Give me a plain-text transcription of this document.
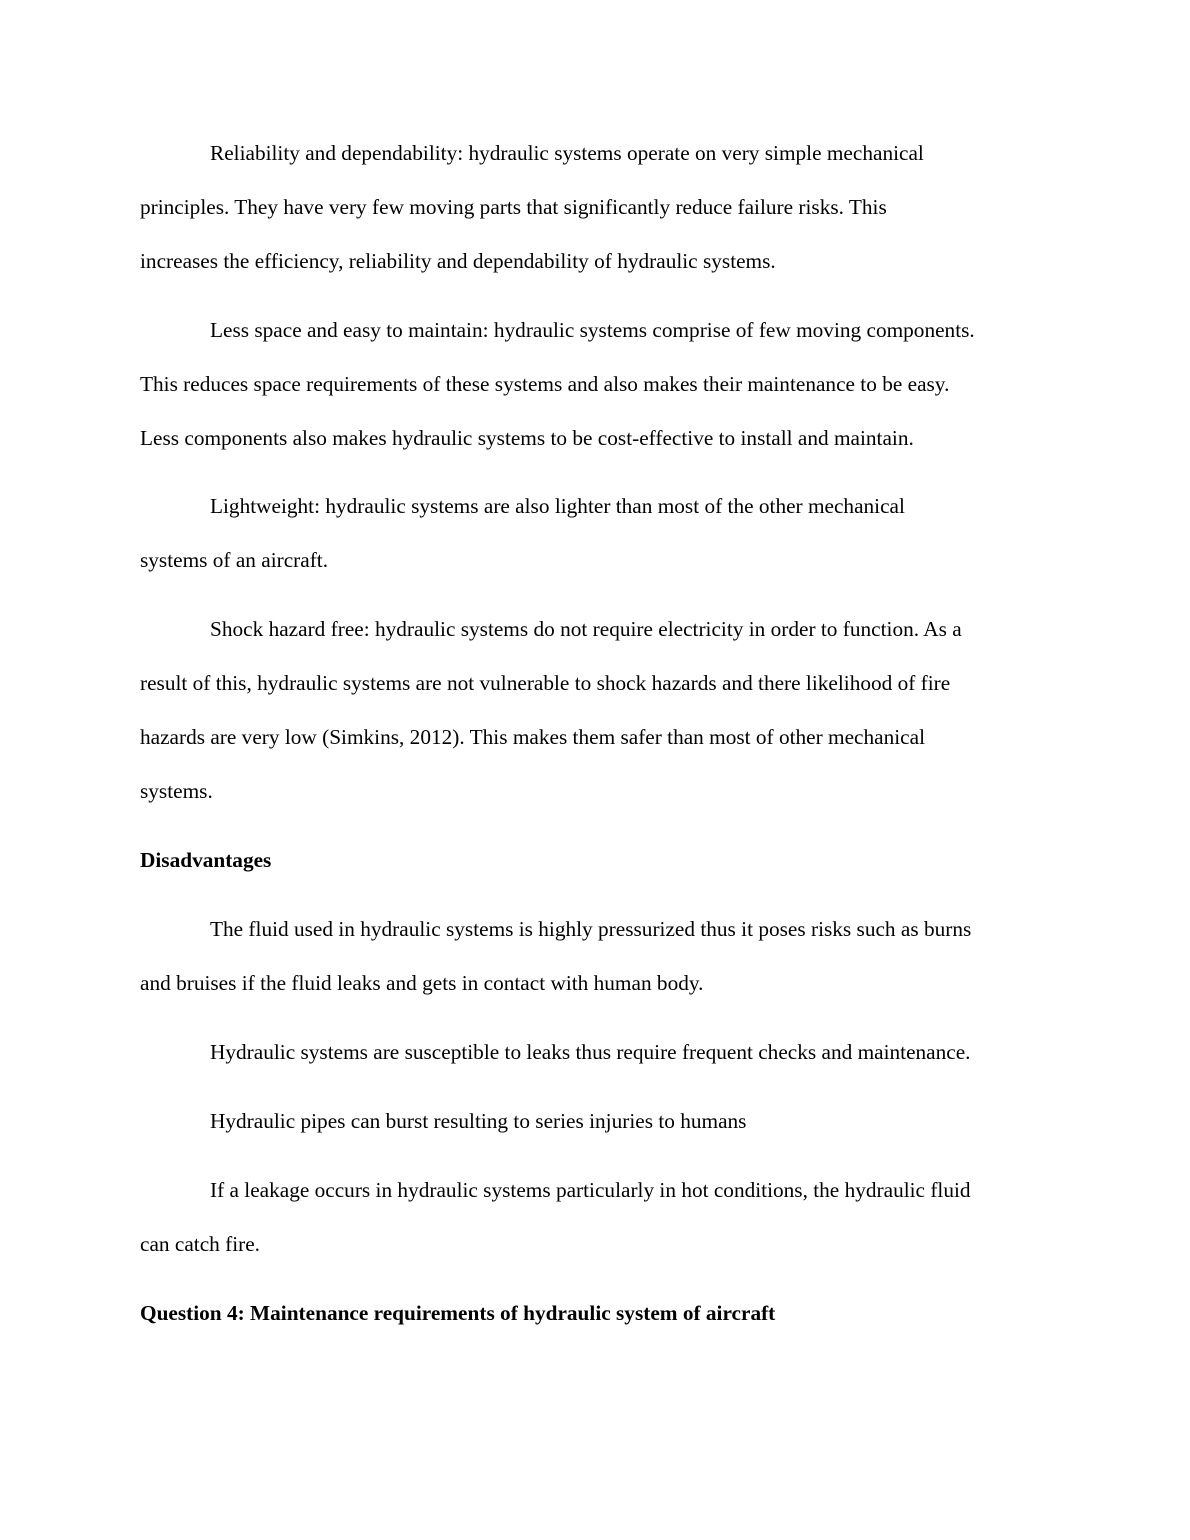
Reliability and dependability: hydraulic systems operate on very simple mechanical
principles. They have very few moving parts that significantly reduce failure risks. This
increases the efficiency, reliability and dependability of hydraulic systems.
Less space and easy to maintain: hydraulic systems comprise of few moving components.
This reduces space requirements of these systems and also makes their maintenance to be easy.
Less components also makes hydraulic systems to be cost-effective to install and maintain.
Lightweight: hydraulic systems are also lighter than most of the other mechanical
systems of an aircraft.
Shock hazard free: hydraulic systems do not require electricity in order to function. As a
result of this, hydraulic systems are not vulnerable to shock hazards and there likelihood of fire
hazards are very low (Simkins, 2012). This makes them safer than most of other mechanical
systems.
Disadvantages
The fluid used in hydraulic systems is highly pressurized thus it poses risks such as burns
and bruises if the fluid leaks and gets in contact with human body.
Hydraulic systems are susceptible to leaks thus require frequent checks and maintenance.
Hydraulic pipes can burst resulting to series injuries to humans
If a leakage occurs in hydraulic systems particularly in hot conditions, the hydraulic fluid
can catch fire.
Question 4: Maintenance requirements of hydraulic system of aircraft
